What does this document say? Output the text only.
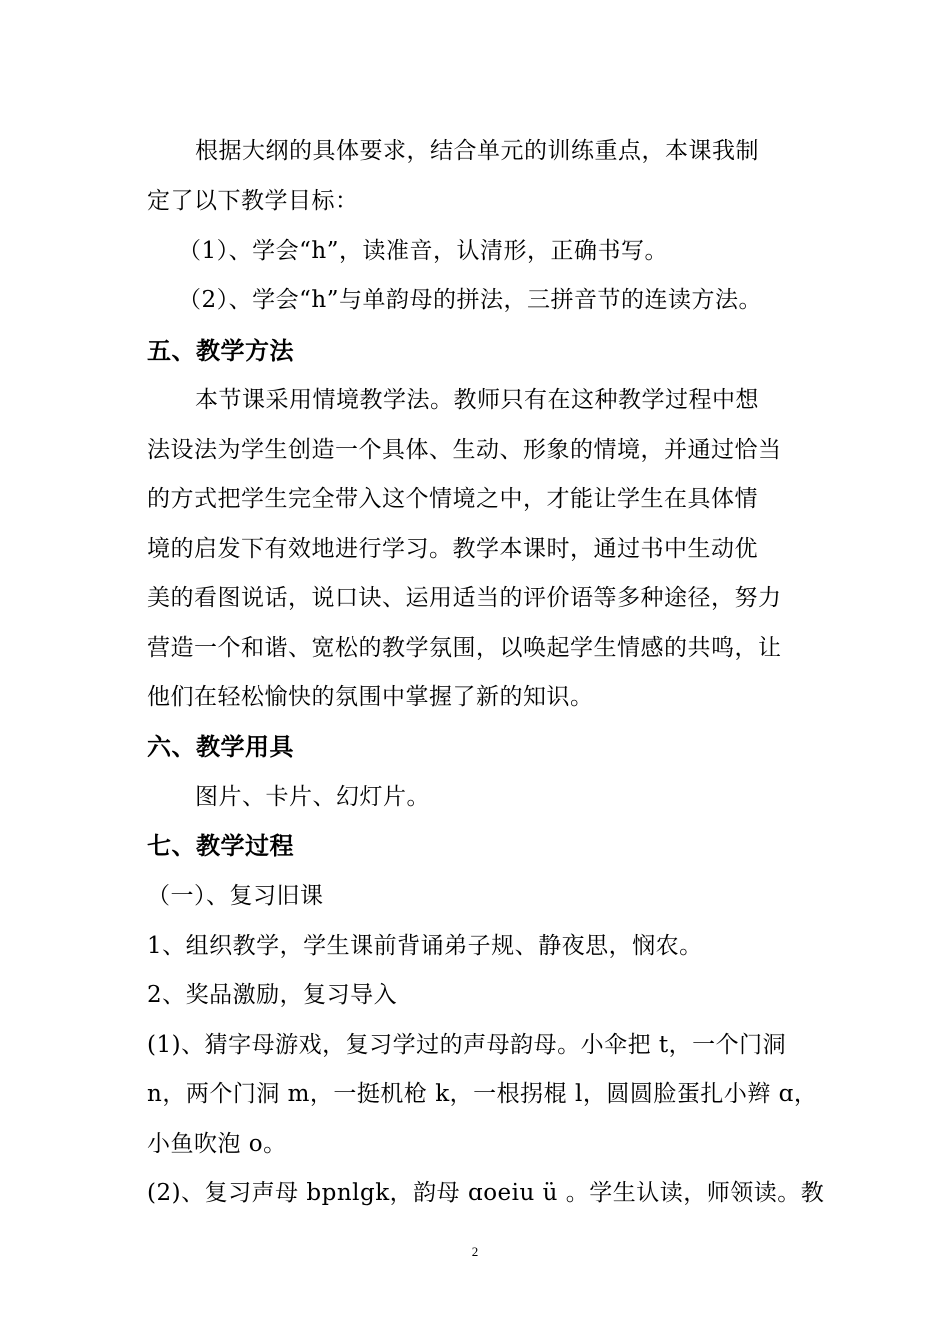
根据大纲的具体要求，结合单元的训练重点，本课我制
定了以下教学目标：
（1）、学会“h”，读准音，认清形，正确书写。
（2）、学会“h”与单韵母的拼法，三拼音节的连读方法。
五、教学方法
本节课采用情境教学法。教师只有在这种教学过程中想
法设法为学生创造一个具体、生动、形象的情境，并通过恰当
的方式把学生完全带入这个情境之中，才能让学生在具体情
境的启发下有效地进行学习。教学本课时，通过书中生动优
美的看图说话，说口诀、运用适当的评价语等多种途径，努力
营造一个和谐、宽松的教学氛围，以唤起学生情感的共鸣，让
他们在轻松愉快的氛围中掌握了新的知识。
六、教学用具
图片、卡片、幻灯片。
七、教学过程
（一）、复习旧课
1、组织教学，学生课前背诵弟子规、静夜思，悯农。
2、奖品激励，复习导入
(1)、猜字母游戏，复习学过的声母韵母。小伞把 t，一个门洞
n，两个门洞 m，一挺机枪 k，一根拐棍 l，圆圆脸蛋扎小辫 ɑ，
小鱼吹泡 o。
(2)、复习声母 bpnlgk，韵母 ɑoeiu ü 。学生认读，师领读。教
2
